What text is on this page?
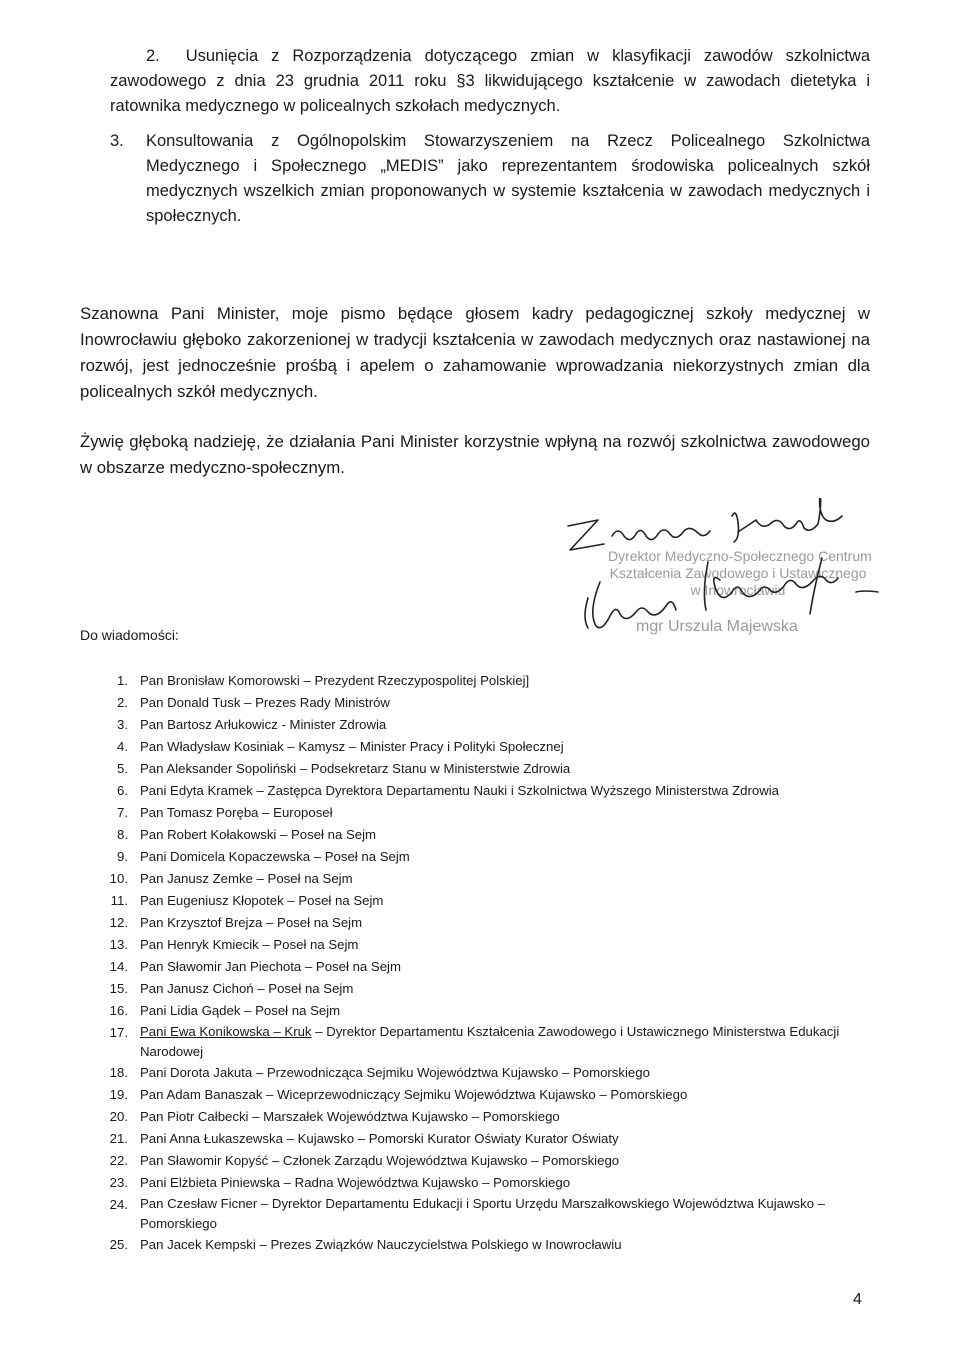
2. Usunięcia z Rozporządzenia dotyczącego zmian w klasyfikacji zawodów szkolnictwa zawodowego z dnia 23 grudnia 2011 roku §3 likwidującego kształcenie w zawodach dietetyka i ratownika medycznego w policealnych szkołach medycznych.
3. Konsultowania z Ogólnopolskim Stowarzyszeniem na Rzecz Policealnego Szkolnictwa Medycznego i Społecznego „MEDIS” jako reprezentantem środowiska policealnych szkół medycznych wszelkich zmian proponowanych w systemie kształcenia w zawodach medycznych i społecznych.
Szanowna Pani Minister, moje pismo będące głosem kadry pedagogicznej szkoły medycznej w Inowrocławiu głęboko zakorzenionej w tradycji kształcenia w zawodach medycznych oraz nastawionej na rozwój, jest jednocześnie prośbą i apelem o zahamowanie wprowadzania niekorzystnych zmian dla policealnych szkół medycznych.
Żywię głęboką nadzieję, że działania Pani Minister korzystnie wpłyną na rozwój szkolnictwa zawodowego w obszarze medyczno-społecznym.
Dyrektor Medyczno-Społecznego Centrum
Kształcenia Zawodowego i Ustawicznego
w Inowrocławiu
mgr Urszula Majewska
Do wiadomości:
1. Pan Bronisław Komorowski – Prezydent Rzeczypospolitej Polskiej]
2. Pan Donald Tusk – Prezes Rady Ministrów
3. Pan Bartosz Arłukowicz - Minister Zdrowia
4. Pan Władysław Kosiniak – Kamysz – Minister Pracy i Polityki Społecznej
5. Pan Aleksander Sopoliński – Podsekretarz Stanu w Ministerstwie Zdrowia
6. Pani Edyta Kramek – Zastępca Dyrektora Departamentu Nauki i Szkolnictwa Wyższego Ministerstwa Zdrowia
7. Pan Tomasz Poręba – Europoseł
8. Pan Robert Kołakowski – Poseł na Sejm
9. Pani Domicela Kopaczewska – Poseł na Sejm
10. Pan Janusz Zemke – Poseł na Sejm
11. Pan Eugeniusz Kłopotek – Poseł na Sejm
12. Pan Krzysztof Brejza – Poseł na Sejm
13. Pan Henryk Kmiecik – Poseł na Sejm
14. Pan Sławomir Jan Piechota – Poseł na Sejm
15. Pan Janusz Cichoń – Poseł na Sejm
16. Pani Lidia Gądek – Poseł na Sejm
17. Pani Ewa Konikowska – Kruk – Dyrektor Departamentu Kształcenia Zawodowego i Ustawicznego Ministerstwa Edukacji Narodowej
18. Pani Dorota Jakuta – Przewodnicząca Sejmiku Województwa Kujawsko – Pomorskiego
19. Pan Adam Banaszak – Wiceprzewodniczący Sejmiku Województwa Kujawsko – Pomorskiego
20. Pan Piotr Całbecki – Marszałek Województwa Kujawsko – Pomorskiego
21. Pani Anna Łukaszewska – Kujawsko – Pomorski Kurator Oświaty Kurator Oświaty
22. Pan Sławomir Kopyść – Członek Zarządu Województwa Kujawsko – Pomorskiego
23. Pani Elżbieta Piniewska – Radna Województwa Kujawsko – Pomorskiego
24. Pan Czesław Ficner – Dyrektor Departamentu Edukacji i Sportu Urzędu Marszałkowskiego Województwa Kujawsko – Pomorskiego
25. Pan Jacek Kempski – Prezes Związków Nauczycielstwa Polskiego w Inowrocławiu
4
